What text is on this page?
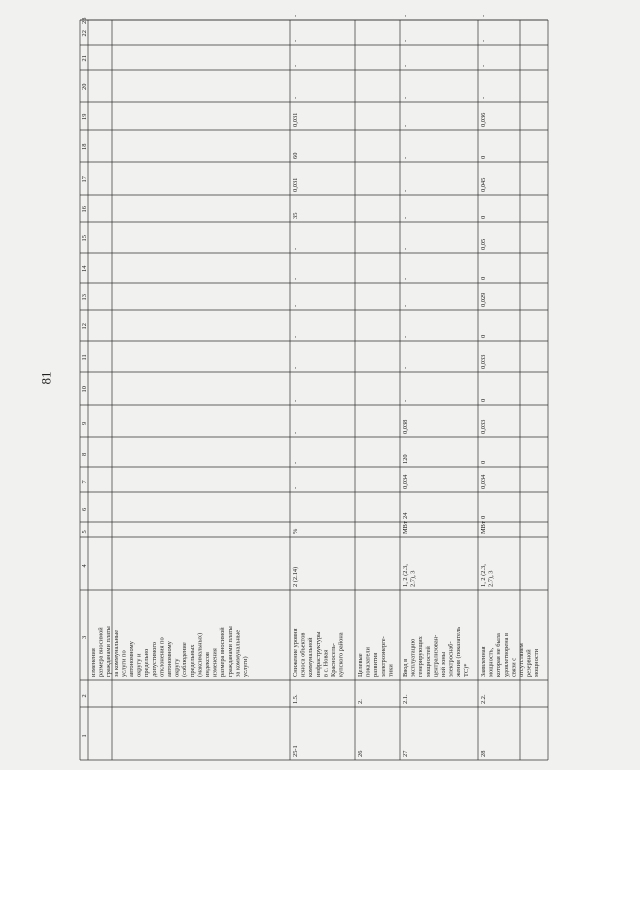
81
1
2
3
4
5
6
7
8
9
10
11
12
13
14
15
16
17
18
19
20
21
22
23
изменения размера вносимой гражданами платы за коммунальные услуги по автономному округу и предельно допустимого отклонения по автономному округу (соблюдение предельных (максимальных) индексов изменения размера вносимой гражданами платы за коммунальные услуги)
25-1
1.5.
Снижение уровня износа объектов коммунальной инфраструктуры в с. Новая Красносель- купского района
2 (2.14)
%
-
-
-
-
-
-
-
-
-
35
0,031
60
0,031
-
-
-
-
26
2.
Целевые показатели развития электроэнерге- тики
27
2.1.
Ввод в эксплуатацию генерирующих мощностей централизован- ной зоны электроснаб- жения (показатель ТС)*
1, 2 (2.3, 2.7), 3
МВт
24
0,034
120
0,038
-
-
-
-
-
-
-
-
-
-
-
-
-
-
28
2.2.
Заявленная мощность, которая не была удовлетворена в связи с отсутствием резервной мощности
1, 2 (2.3, 2.7), 3
МВт
0
0,034
0
0,033
0
0,033
0
0,029
0
0,05
0
0,045
0
0,036
-
-
-
-
